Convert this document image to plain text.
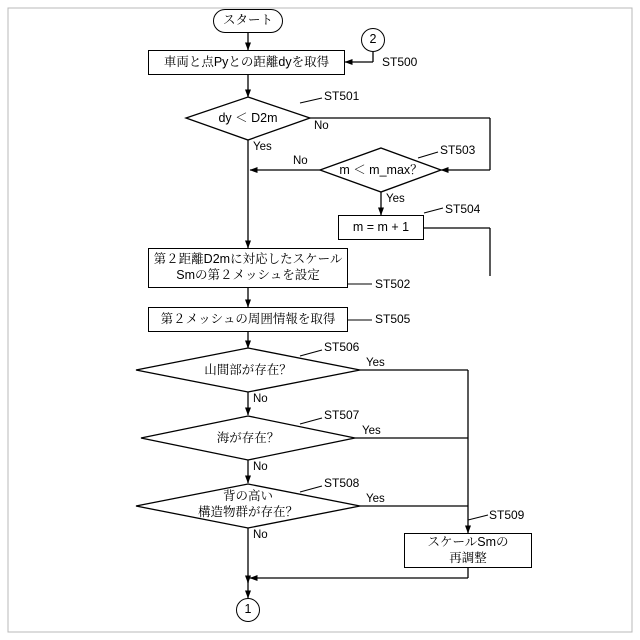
スタート
2
車両と点Pyとの距離dyを取得	ST500
dy ＜ D2m
ST501
No
Yes
m ＜ m_max？
ST503
No
Yes
m = m + 1
ST504
第２距離D2mに対応したスケール
Smの第２メッシュを設定
ST502
第２メッシュの周囲情報を取得	ST505
山間部が存在？
ST506
Yes
No
海が存在？
ST507
Yes
No
背の高い
構造物群が存在？
ST508
Yes
No	スケールSmの
再調整
ST509
1
